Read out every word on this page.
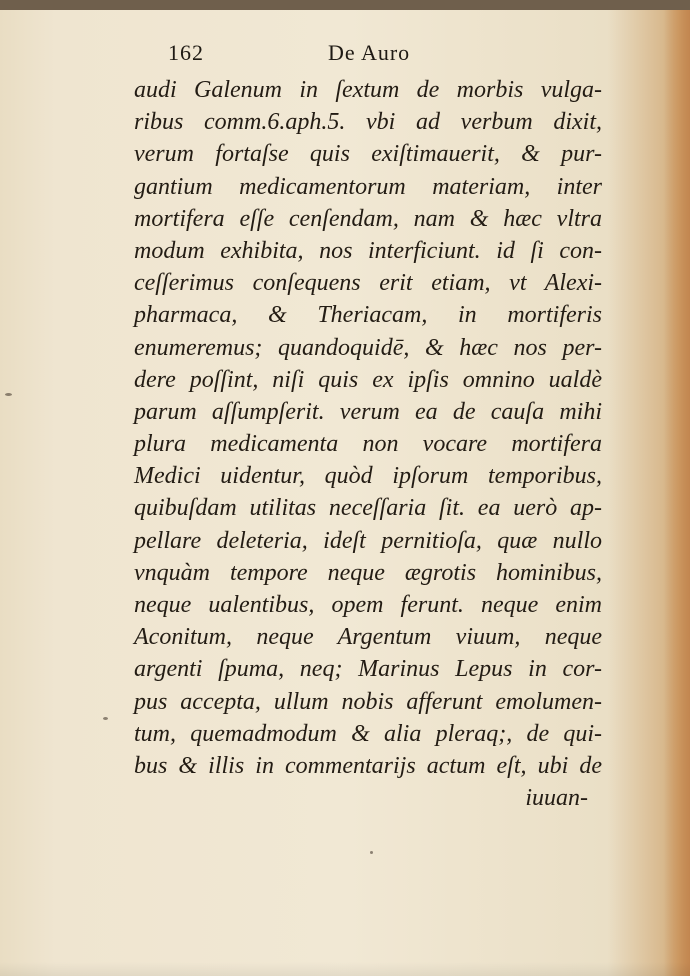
162	De Auro
audi Galenum in ſextum de morbis vulga-
ribus comm.6.aph.5. vbi ad verbum dixit,
verum fortaſse quis exiſtimauerit, & pur-
gantium medicamentorum materiam, inter
mortifera eſſe cenſendam, nam & hæc vltra
modum exhibita, nos interficiunt. id ſi con-
ceſſerimus conſequens erit etiam, vt Alexi-
pharmaca, & Theriacam, in mortiferis
enumeremus; quandoquidē, & hæc nos per-
dere poſſint, niſi quis ex ipſis omnino ualdè
parum aſſumpſerit. verum ea de cauſa mihi
plura medicamenta non vocare mortifera
Medici uidentur, quòd ipſorum temporibus,
quibuſdam utilitas neceſſaria ſit. ea uerò ap-
pellare deleteria, ideſt pernitioſa, quæ nullo
vnquàm tempore neque ægrotis hominibus,
neque ualentibus, opem ferunt. neque enim
Aconitum, neque Argentum viuum, neque
argenti ſpuma, neq; Marinus Lepus in cor-
pus accepta, ullum nobis afferunt emolumen-
tum, quemadmodum & alia pleraq;, de qui-
bus & illis in commentarijs actum eſt, ubi de
iuuan-
